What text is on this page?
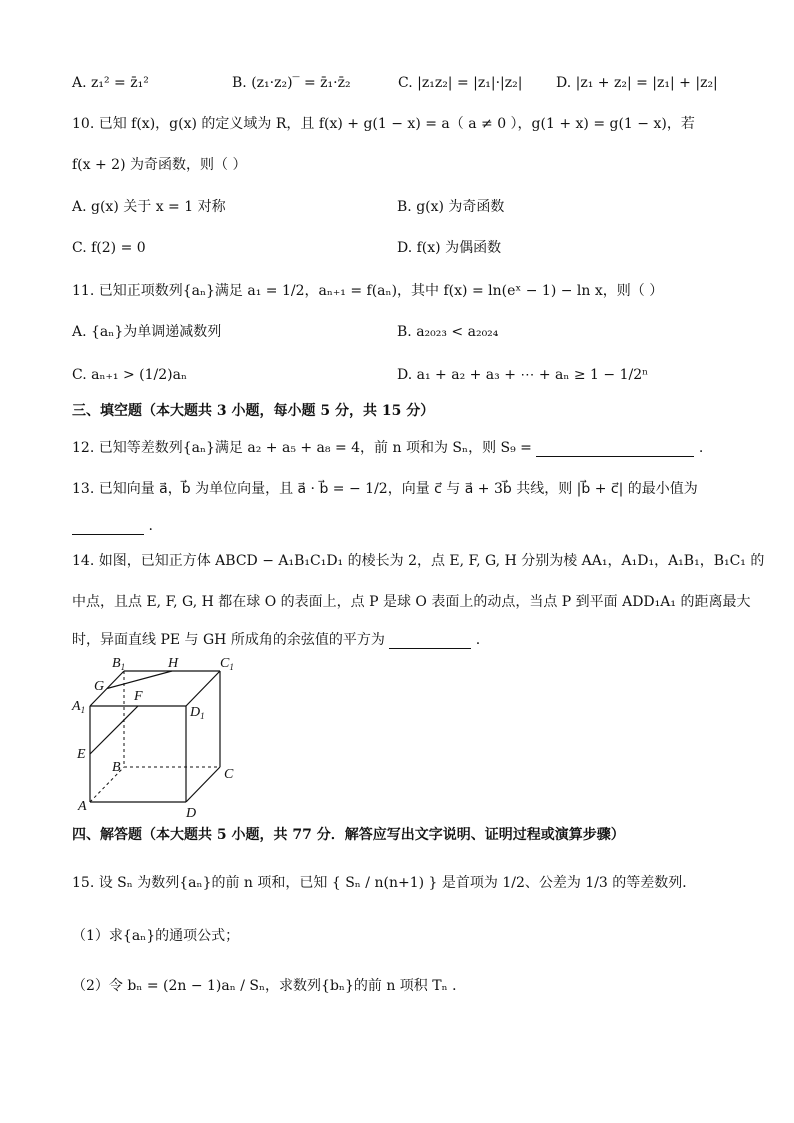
A. z₁² = z̄₁²	B. (z₁·z₂)‾ = z̄₁·z̄₂	C. |z₁z₂| = |z₁|·|z₂| D. |z₁ + z₂| = |z₁| + |z₂|
10. 已知 f(x)，g(x) 的定义域为 R，且 f(x) + g(1 − x) = a（ a ≠ 0 ），g(1 + x) = g(1 − x)，若
f(x + 2) 为奇函数，则（ ）
A. g(x) 关于 x = 1 对称	B. g(x) 为奇函数
C. f(2) = 0	D. f(x) 为偶函数
11. 已知正项数列{aₙ}满足 a₁ = 1/2，aₙ₊₁ = f(aₙ)，其中 f(x) = ln(eˣ − 1) − ln x，则（ ）
A. {aₙ}为单调递减数列	B. a₂₀₂₃ < a₂₀₂₄
C. aₙ₊₁ > (1/2)aₙ	D. a₁ + a₂ + a₃ + ⋯ + aₙ ≥ 1 − 1/2ⁿ
三、填空题（本大题共 3 小题，每小题 5 分，共 15 分）
12. 已知等差数列{aₙ}满足 a₂ + a₅ + a₈ = 4，前 n 项和为 Sₙ，则 S₉ =	.
13. 已知向量 a⃗，b⃗ 为单位向量，且 a⃗ · b⃗ = − 1/2，向量 c⃗ 与 a⃗ + 3b⃗ 共线，则 |b⃗ + c⃗| 的最小值为
.
14. 如图，已知正方体 ABCD − A₁B₁C₁D₁ 的棱长为 2，点 E, F, G, H 分别为棱 AA₁，A₁D₁，A₁B₁，B₁C₁ 的
中点，且点 E, F, G, H 都在球 O 的表面上，点 P 是球 O 表面上的动点，当点 P 到平面 ADD₁A₁ 的距离最大
时，异面直线 PE 与 GH 所成角的余弦值的平方为	.
$B_1$	H	$C_1$
G
F
$A_1$	$D_1$
E
B	C
A	D
四、解答题（本大题共 5 小题，共 77 分．解答应写出文字说明、证明过程或演算步骤）
15. 设 Sₙ 为数列{aₙ}的前 n 项和，已知 { Sₙ / n(n+1) } 是首项为 1/2、公差为 1/3 的等差数列．
（1）求{aₙ}的通项公式；
（2）令 bₙ = (2n − 1)aₙ / Sₙ，求数列{bₙ}的前 n 项积 Tₙ ．
